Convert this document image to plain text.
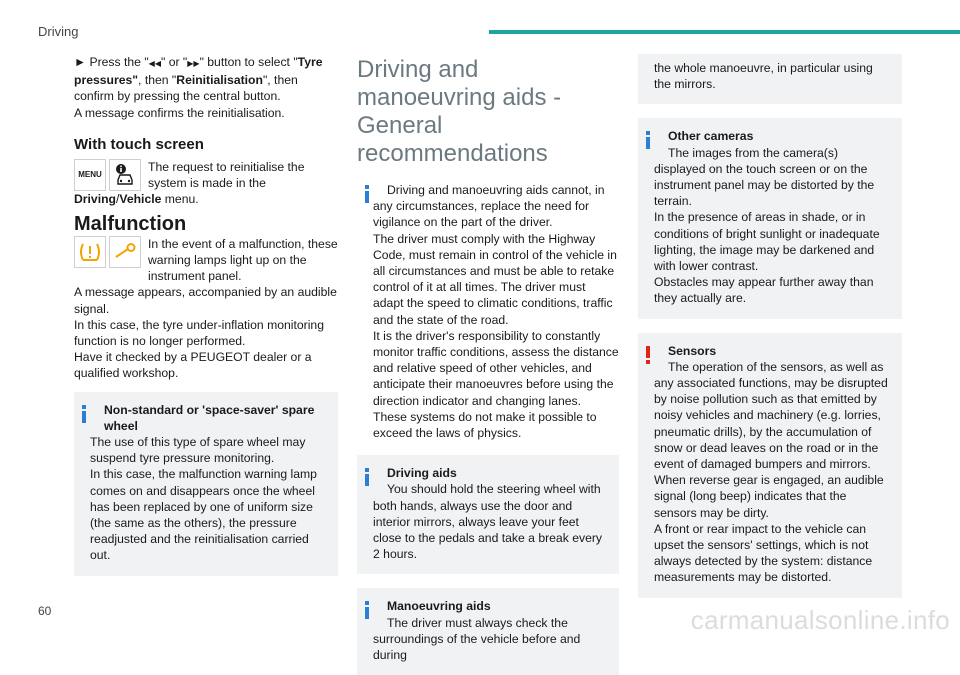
Driving

► Press the "◀◀" or "▶▶" button to select "Tyre pressures", then "Reinitialisation", then confirm by pressing the central button.

A message confirms the reinitialisation.

With touch screen
MENU
The request to reinitialise the system is made in the

Driving/Vehicle menu.

Malfunction
In the event of a malfunction, these warning lamps light up on the instrument panel.

A message appears, accompanied by an audible signal.

In this case, the tyre under-inflation monitoring function is no longer performed.

Have it checked by a PEUGEOT dealer or a qualified workshop.

Non-standard or 'space-saver' spare wheel

The use of this type of spare wheel may suspend tyre pressure monitoring.

In this case, the malfunction warning lamp comes on and disappears once the wheel has been replaced by one of uniform size (the same as the others), the pressure readjusted and the reinitialisation carried out.

Driving and manoeuvring aids - General recommendations

Driving and manoeuvring aids cannot, in any circumstances, replace the need for vigilance on the part of the driver.

The driver must comply with the Highway Code, must remain in control of the vehicle in all circumstances and must be able to retake control of it at all times. The driver must adapt the speed to climatic conditions, traffic and the state of the road.

It is the driver's responsibility to constantly monitor traffic conditions, assess the distance and relative speed of other vehicles, and anticipate their manoeuvres before using the direction indicator and changing lanes.

These systems do not make it possible to exceed the laws of physics.

Driving aids

You should hold the steering wheel with both hands, always use the door and interior mirrors, always leave your feet close to the pedals and take a break every 2 hours.

Manoeuvring aids

The driver must always check the surroundings of the vehicle before and during

the whole manoeuvre, in particular using the mirrors.

Other cameras

The images from the camera(s) displayed on the touch screen or on the instrument panel may be distorted by the terrain.

In the presence of areas in shade, or in conditions of bright sunlight or inadequate lighting, the image may be darkened and with lower contrast.

Obstacles may appear further away than they actually are.

Sensors

The operation of the sensors, as well as any associated functions, may be disrupted by noise pollution such as that emitted by noisy vehicles and machinery (e.g. lorries, pneumatic drills), by the accumulation of snow or dead leaves on the road or in the event of damaged bumpers and mirrors.

When reverse gear is engaged, an audible signal (long beep) indicates that the sensors may be dirty.

A front or rear impact to the vehicle can upset the sensors' settings, which is not always detected by the system: distance measurements may be distorted.

60	carmanualsonline.info
